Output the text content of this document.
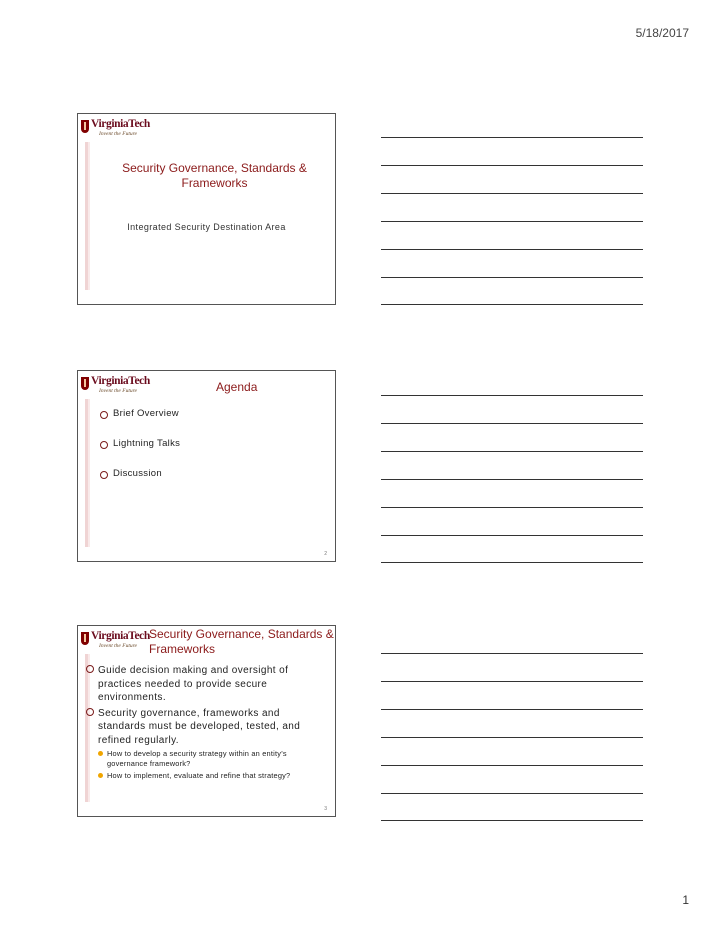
5/18/2017
VirginiaTech
Invent the Future
Security Governance, Standards & Frameworks
Integrated Security Destination Area
VirginiaTech
Invent the Future	Agenda
Brief Overview
Lightning Talks
Discussion
2
VirginiaTech
Invent the Future
Security Governance, Standards & Frameworks
Guide decision making and oversight of practices needed to provide secure environments.
Security governance, frameworks and standards must be developed, tested, and refined regularly.
How to develop a security strategy within an entity’s governance framework?
How to implement, evaluate and refine that strategy?
3
1
